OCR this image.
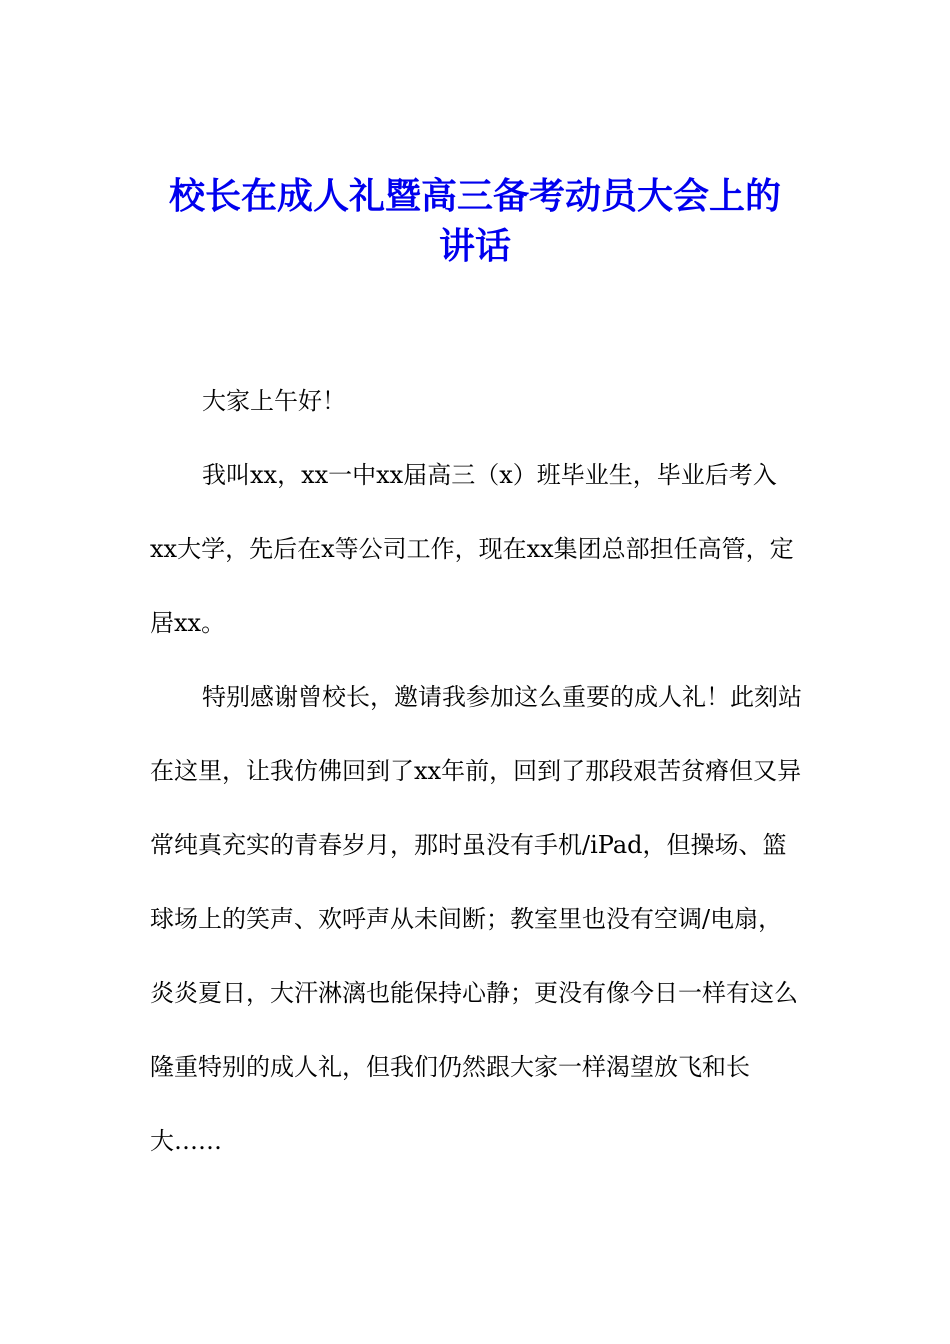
校长在成人礼暨高三备考动员大会上的
讲话

大家上午好！

我叫xx，xx一中xx届高三（x）班毕业生，毕业后考入xx大学，先后在x等公司工作，现在xx集团总部担任高管，定居xx。

特别感谢曾校长，邀请我参加这么重要的成人礼！此刻站在这里，让我仿佛回到了xx年前，回到了那段艰苦贫瘠但又异常纯真充实的青春岁月，那时虽没有手机/iPad，但操场、篮球场上的笑声、欢呼声从未间断；教室里也没有空调/电扇，炎炎夏日，大汗淋漓也能保持心静；更没有像今日一样有这么隆重特别的成人礼，但我们仍然跟大家一样渴望放飞和长大……
